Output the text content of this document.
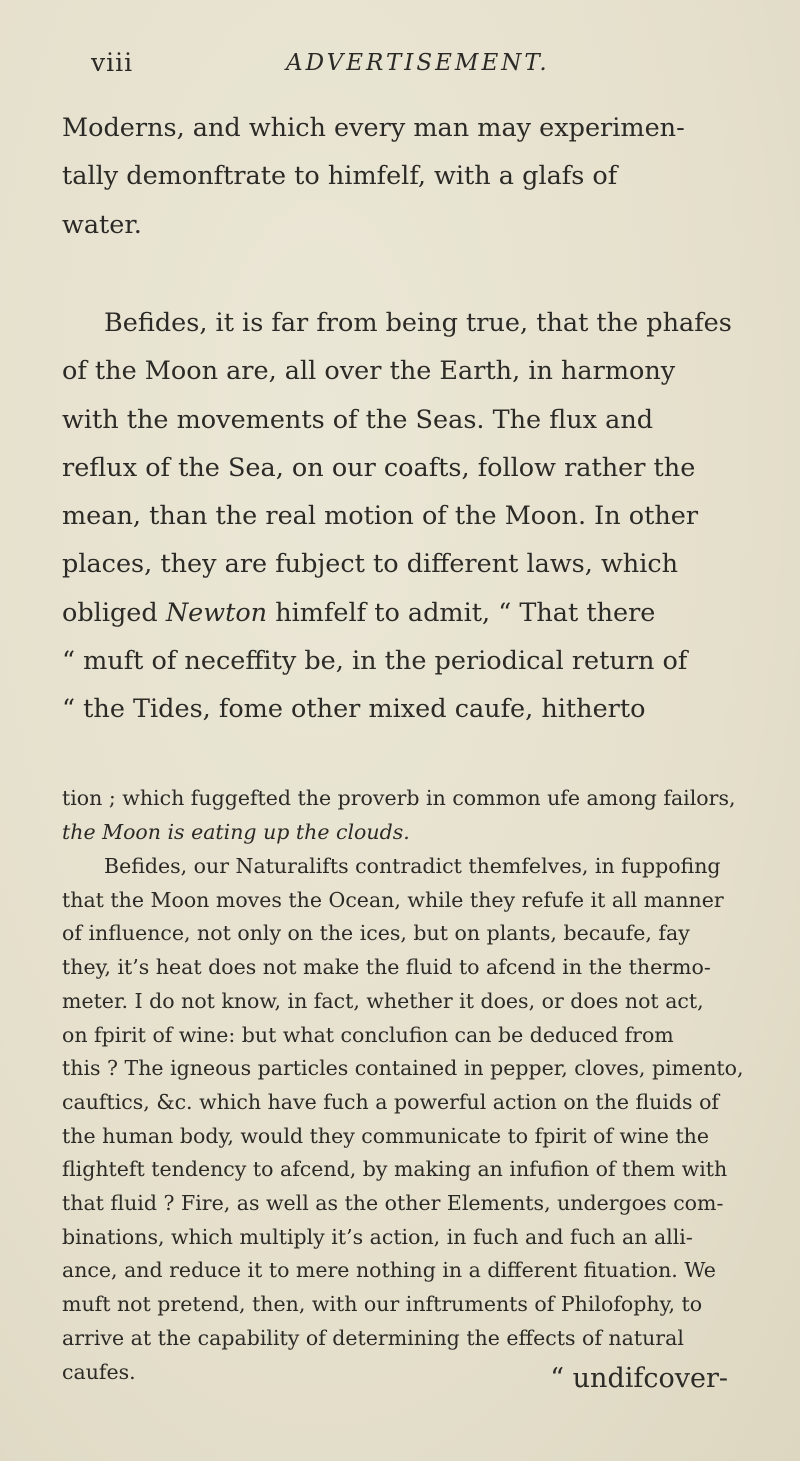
viii	ADVERTISEMENT.
Moderns, and which every man may experimen-
tally demonftrate to himfelf, with a glafs of
water.
Befides, it is far from being true, that the phafes
of the Moon are, all over the Earth, in harmony
with the movements of the Seas. The flux and
reflux of the Sea, on our coafts, follow rather the
mean, than the real motion of the Moon. In other
places, they are fubject to different laws, which
obliged Newton himfelf to admit, “ That there
“ muft of neceffity be, in the periodical return of
“ the Tides, fome other mixed caufe, hitherto
tion ; which fuggefted the proverb in common ufe among failors,
the Moon is eating up the clouds.
Befides, our Naturalifts contradict themfelves, in fuppofing
that the Moon moves the Ocean, while they refufe it all manner
of influence, not only on the ices, but on plants, becaufe, fay
they, it’s heat does not make the fluid to afcend in the thermo-
meter. I do not know, in fact, whether it does, or does not act,
on fpirit of wine: but what conclufion can be deduced from
this ? The igneous particles contained in pepper, cloves, pimento,
cauftics, &c. which have fuch a powerful action on the fluids of
the human body, would they communicate to fpirit of wine the
flighteft tendency to afcend, by making an infufion of them with
that fluid ? Fire, as well as the other Elements, undergoes com-
binations, which multiply it’s action, in fuch and fuch an alli-
ance, and reduce it to mere nothing in a different fituation. We
muft not pretend, then, with our inftruments of Philofophy, to
arrive at the capability of determining the effects of natural
caufes.	“ undifcover-
